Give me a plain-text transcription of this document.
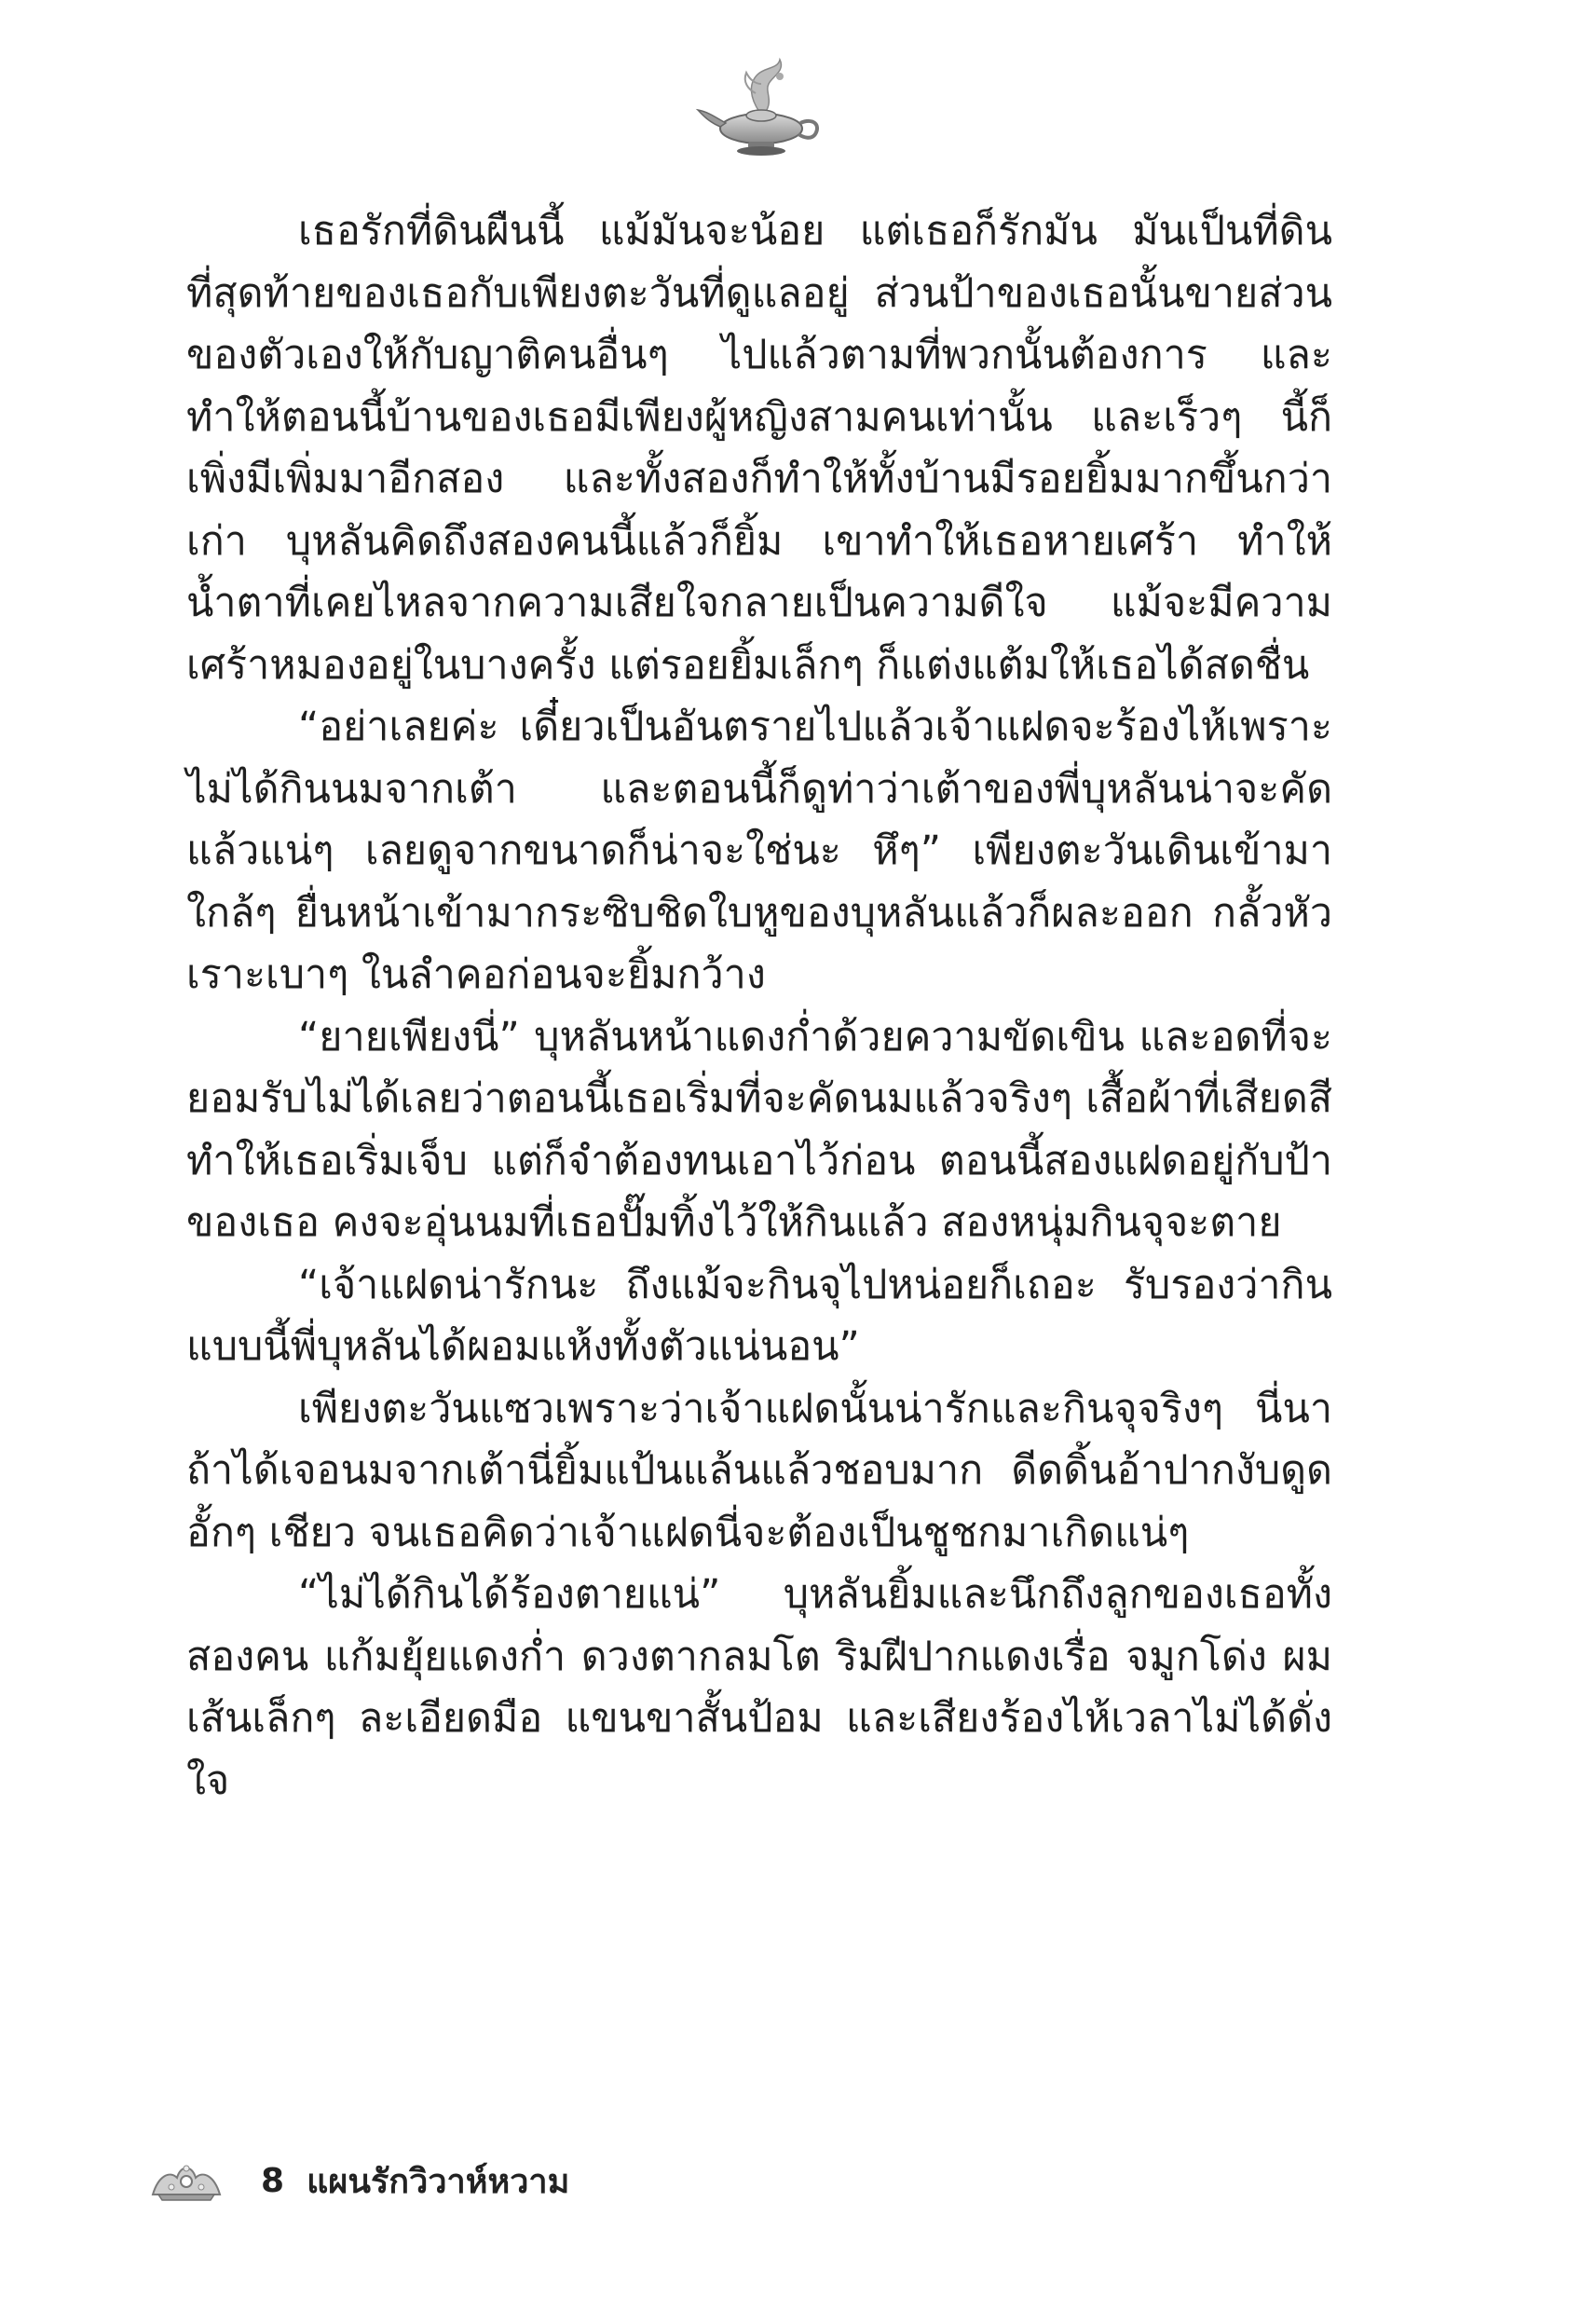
เธอรักที่ดินผืนนี้ แม้มันจะน้อย แต่เธอก็รักมัน มันเป็นที่ดินที่สุดท้ายของเธอกับเพียงตะวันที่ดูแลอยู่ ส่วนป้าของเธอนั้นขายส่วนของตัวเองให้กับญาติคนอื่นๆ ไปแล้วตามที่พวกนั้นต้องการ และทำให้ตอนนี้บ้านของเธอมีเพียงผู้หญิงสามคนเท่านั้น และเร็วๆ นี้ก็เพิ่งมีเพิ่มมาอีกสอง และทั้งสองก็ทำให้ทั้งบ้านมีรอยยิ้มมากขึ้นกว่าเก่า บุหลันคิดถึงสองคนนี้แล้วก็ยิ้ม เขาทำให้เธอหายเศร้า ทำให้น้ำตาที่เคยไหลจากความเสียใจกลายเป็นความดีใจ แม้จะมีความเศร้าหมองอยู่ในบางครั้ง แต่รอยยิ้มเล็กๆ ก็แต่งแต้มให้เธอได้สดชื่น

“อย่าเลยค่ะ เดี๋ยวเป็นอันตรายไปแล้วเจ้าแฝดจะร้องไห้เพราะไม่ได้กินนมจากเต้า และตอนนี้ก็ดูท่าว่าเต้าของพี่บุหลันน่าจะคัดแล้วแน่ๆ เลยดูจากขนาดก็น่าจะใช่นะ หึๆ” เพียงตะวันเดินเข้ามาใกล้ๆ ยื่นหน้าเข้ามากระซิบชิดใบหูของบุหลันแล้วก็ผละออก กลั้วหัวเราะเบาๆ ในลำคอก่อนจะยิ้มกว้าง

“ยายเพียงนี่” บุหลันหน้าแดงก่ำด้วยความขัดเขิน และอดที่จะยอมรับไม่ได้เลยว่าตอนนี้เธอเริ่มที่จะคัดนมแล้วจริงๆ เสื้อผ้าที่เสียดสีทำให้เธอเริ่มเจ็บ แต่ก็จำต้องทนเอาไว้ก่อน ตอนนี้สองแฝดอยู่กับป้าของเธอ คงจะอุ่นนมที่เธอปั๊มทิ้งไว้ให้กินแล้ว สองหนุ่มกินจุจะตาย

“เจ้าแฝดน่ารักนะ ถึงแม้จะกินจุไปหน่อยก็เถอะ รับรองว่ากินแบบนี้พี่บุหลันได้ผอมแห้งทั้งตัวแน่นอน”

เพียงตะวันแซวเพราะว่าเจ้าแฝดนั้นน่ารักและกินจุจริงๆ นี่นาถ้าได้เจอนมจากเต้านี่ยิ้มแป้นแล้นแล้วชอบมาก ดีดดิ้นอ้าปากงับดูดอั้กๆ เชียว จนเธอคิดว่าเจ้าแฝดนี่จะต้องเป็นชูชกมาเกิดแน่ๆ

“ไม่ได้กินได้ร้องตายแน่” บุหลันยิ้มและนึกถึงลูกของเธอทั้งสองคน แก้มยุ้ยแดงก่ำ ดวงตากลมโต ริมฝีปากแดงเรื่อ จมูกโด่ง ผมเส้นเล็กๆ ละเอียดมือ แขนขาสั้นป้อม และเสียงร้องไห้เวลาไม่ได้ดั่งใจ

8 แผนรักวิวาห์หวาม
